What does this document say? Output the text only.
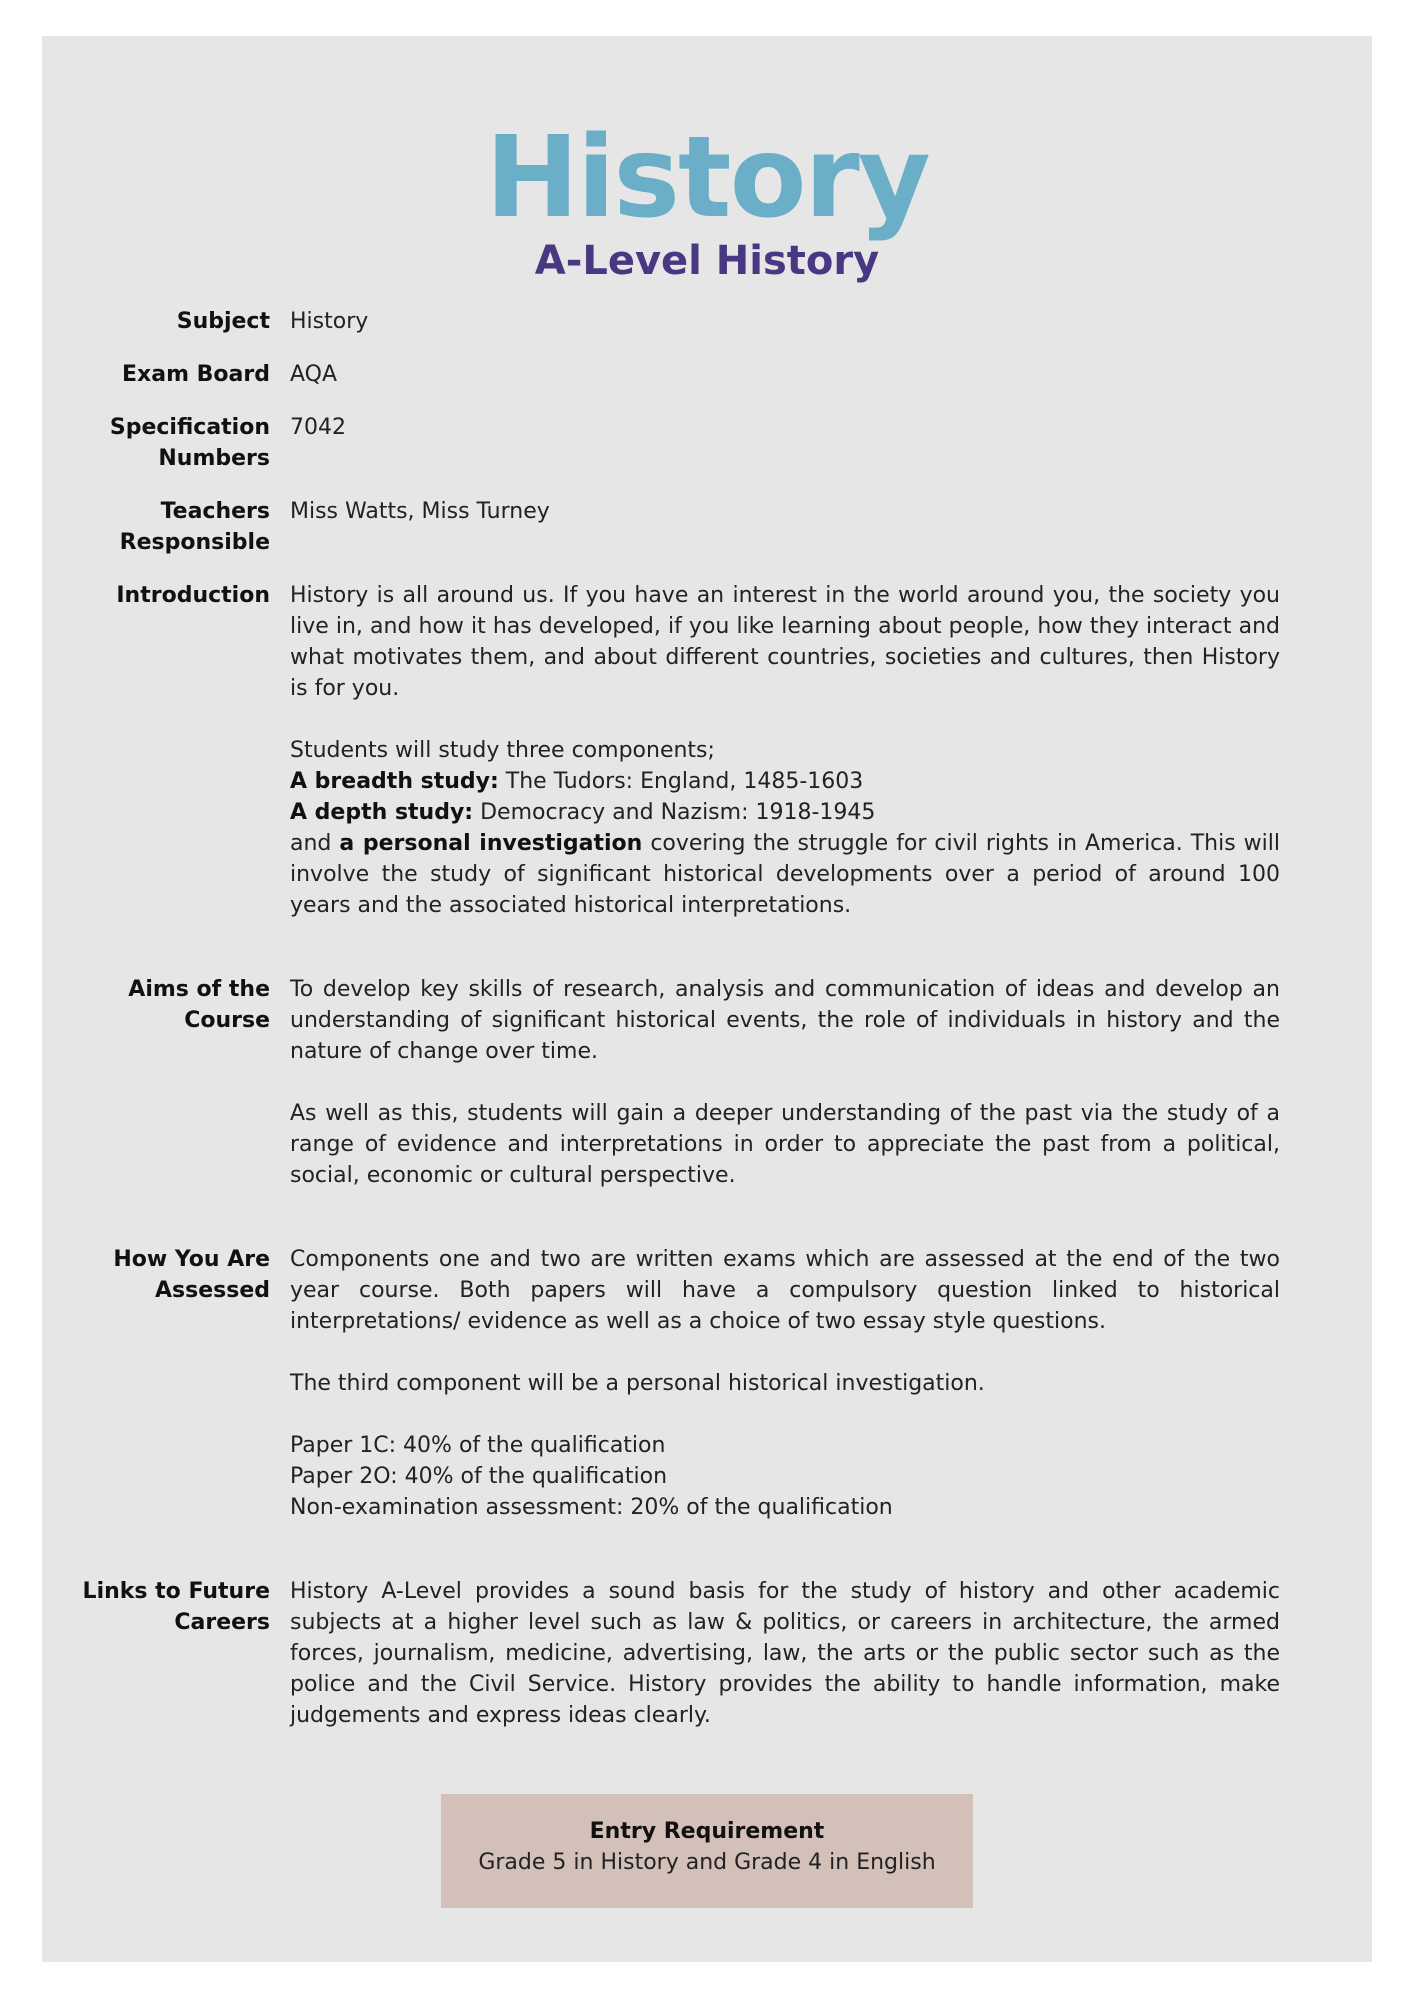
History
A-Level History
Subject History
Exam Board AQA
Specification Numbers
7042
Teachers Responsible
Miss Watts, Miss Turney
Introduction History is all around us. If you have an interest in the world around you, the society you live in, and how it has developed, if you like learning about people, how they interact and what motivates them, and about different countries, societies and cultures, then History is for you.

Students will study three components;
A breadth study: The Tudors: England, 1485-1603
A depth study: Democracy and Nazism: 1918-1945
and a personal investigation covering the struggle for civil rights in America. This will involve the study of significant historical developments over a period of around 100 years and the associated historical interpretations.

Aims of the Course

To develop key skills of research, analysis and communication of ideas and develop an understanding of significant historical events, the role of individuals in history and the nature of change over time.

As well as this, students will gain a deeper understanding of the past via the study of a range of evidence and interpretations in order to appreciate the past from a political, social, economic or cultural perspective.

How You Are Assessed

Components one and two are written exams which are assessed at the end of the two year course. Both papers will have a compulsory question linked to historical interpretations/ evidence as well as a choice of two essay style questions.

The third component will be a personal historical investigation.

Paper 1C: 40% of the qualification
Paper 2O: 40% of the qualification
Non-examination assessment: 20% of the qualification

Links to Future Careers

History A-Level provides a sound basis for the study of history and other academic subjects at a higher level such as law & politics, or careers in architecture, the armed forces, journalism, medicine, advertising, law, the arts or the public sector such as the police and the Civil Service. History provides the ability to handle information, make judgements and express ideas clearly.

Entry Requirement
Grade 5 in History and Grade 4 in English
